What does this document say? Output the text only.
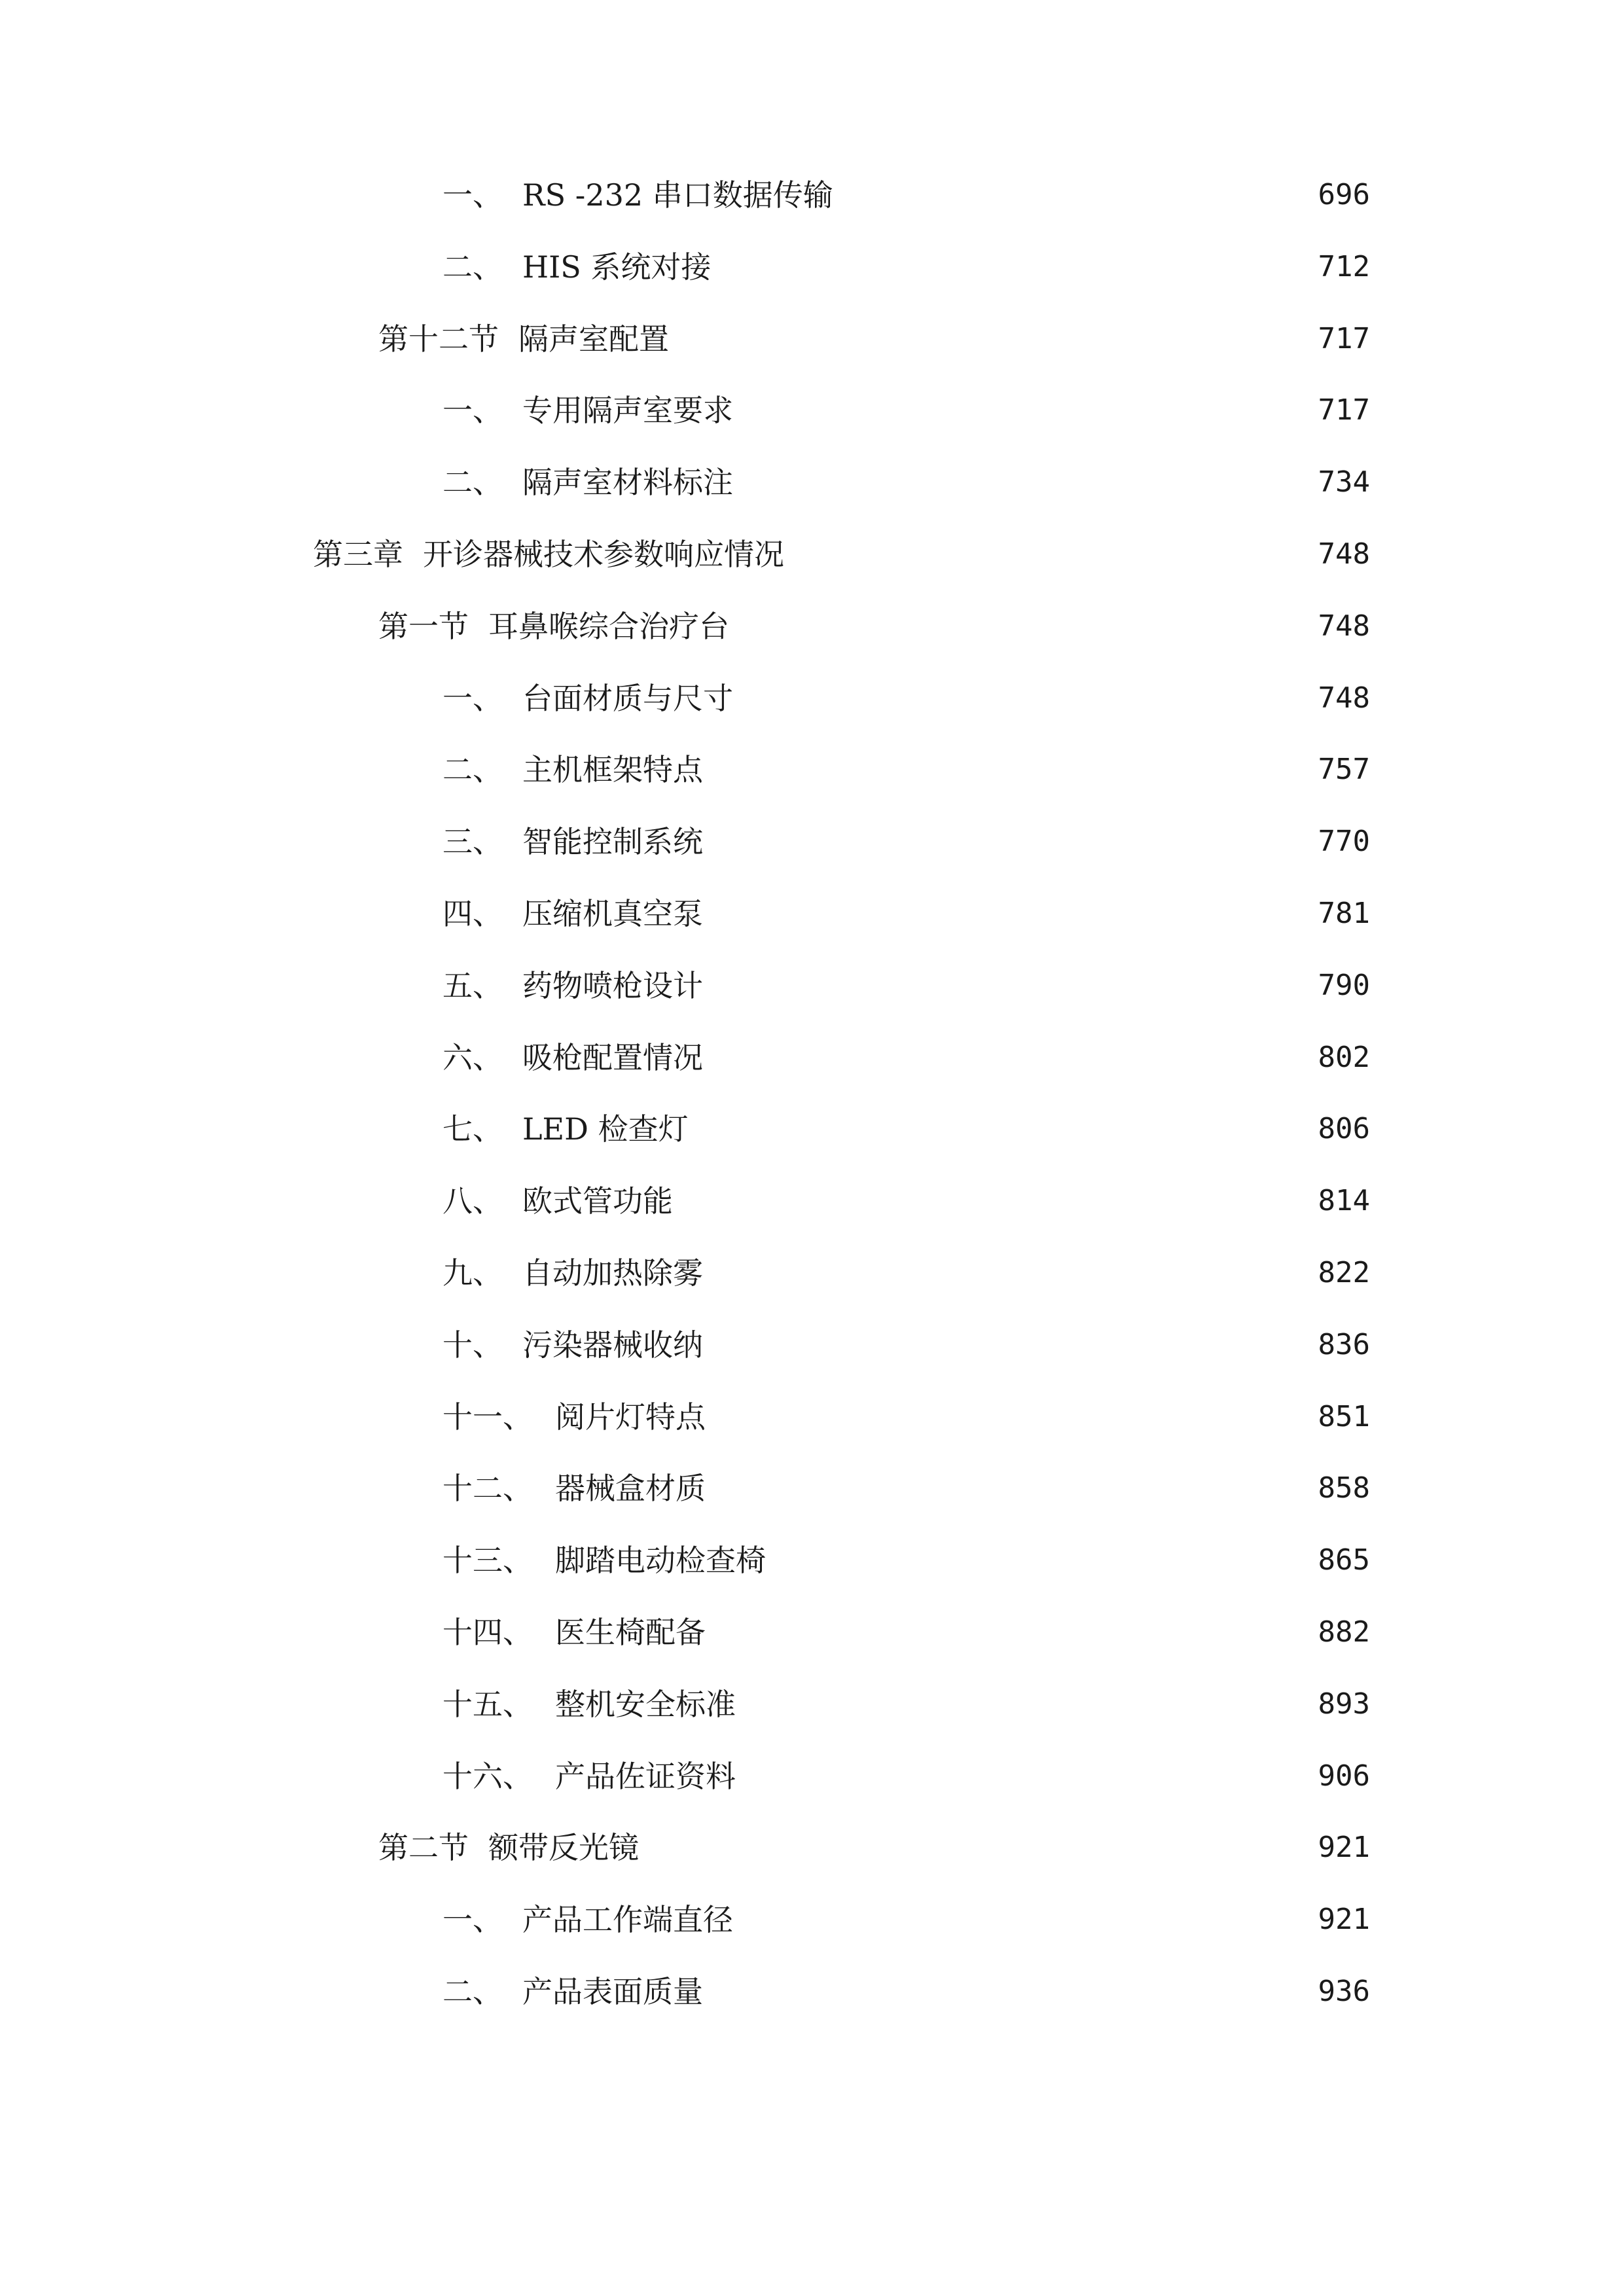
一、 RS -232 串口数据传输	696
二、 HIS 系统对接	712
第十二节 隔声室配置	717
一、 专用隔声室要求	717
二、 隔声室材料标注	734
第三章 开诊器械技术参数响应情况	748
第一节 耳鼻喉综合治疗台	748
一、 台面材质与尺寸	748
二、 主机框架特点	757
三、 智能控制系统	770
四、 压缩机真空泵	781
五、 药物喷枪设计	790
六、 吸枪配置情况	802
七、 LED 检查灯	806
八、 欧式管功能	814
九、 自动加热除雾	822
十、 污染器械收纳	836
十一、 阅片灯特点	851
十二、 器械盒材质	858
十三、 脚踏电动检查椅	865
十四、 医生椅配备	882
十五、 整机安全标准	893
十六、 产品佐证资料	906
第二节 额带反光镜	921
一、 产品工作端直径	921
二、 产品表面质量	936
